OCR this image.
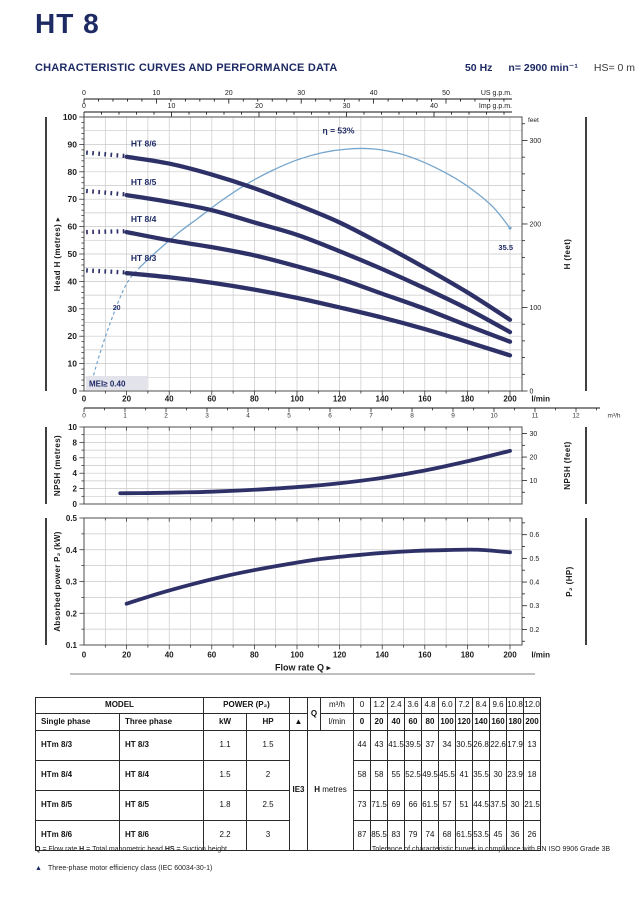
HT 8
CHARACTERISTIC CURVES AND PERFORMANCE DATA	50 Hz n= 2900 min⁻¹ HS= 0 m
0	10	20	30	40	50	US g.p.m.
0	10	20	30	40	Imp g.p.m.
0
10
20
30
40
50
60
70
80
90
100
0
100
200
300
feet
0	20	40	60	80	100	120	140	160	180	200 l/min
0	1	2	3	4	5	6	7	8	9	10	11	12	m³/h
20
η = 53%
35.5
HT 8/6
HT 8/5
HT 8/4
HT 8/3
MEI≥ 0.40
Head H (metres) ▸	H (feet)
0
2
4
6
8
10
10
20
30
NPSH (metres)	NPSH (feet)
0.1
0.2
0.3
0.4
0.5
0.2
0.3
0.4
0.5
0.6
0	20	40	60	80	100	120	140	160	180	200 l/min
Flow rate Q ▸
Absorbed power P₂ (kW)	P₂ (HP)
MODEL		POWER (P₂)			Q	m³/h	0	1.2	2.4	3.6	4.8	6.0	7.2	8.4	9.6	10.8	12.0
Single phase	Three phase	kW	HP	▲		l/min	0	20	40	60	80	100	120	140	160	180	200
HTm 8/3	HT 8/3	1.1	1.5	IE3	H metres		44	43	41.5	39.5	37	34	30.5	26.8	22.6	17.9	13
HTm 8/4	HT 8/4	1.5	2				58	58	55	52.5	49.5	45.5	41	35.5	30	23.9	18
HTm 8/5	HT 8/5	1.8	2.5				73	71.5	69	66	61.5	57	51	44.5	37.5	30	21.5
HTm 8/6	HT 8/6	2.2	3				87	85.5	83	79	74	68	61.5	53.5	45	36	26
Q = Flow rate H = Total manometric head HS = Suction height	Tolerance of characteristic curves in compliance with EN ISO 9906 Grade 3B
▲ Three-phase motor efficiency class (IEC 60034-30-1)
